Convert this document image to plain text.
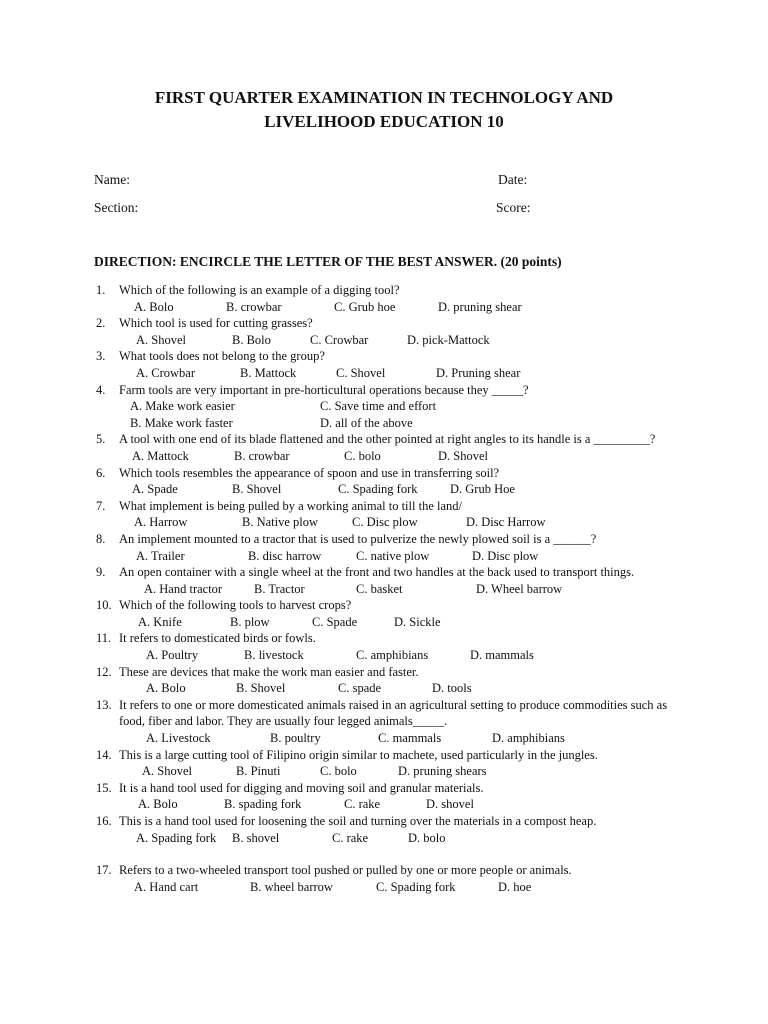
FIRST QUARTER EXAMINATION IN TECHNOLOGY AND
LIVELIHOOD EDUCATION 10
Name:	Date:
Section:	Score:
DIRECTION: ENCIRCLE THE LETTER OF THE BEST ANSWER. (20 points)
1.	Which of the following is an example of a digging tool?
A. Bolo	B. crowbar	C. Grub hoe	D. pruning shear
2.	Which tool is used for cutting grasses?
A. Shovel	B. Bolo	C. Crowbar	D. pick-Mattock
3.	What tools does not belong to the group?
A. Crowbar	B. Mattock	C. Shovel	D. Pruning shear
4.	Farm tools are very important in pre-horticultural operations because they _____?
A. Make work easier	C. Save time and effort
B. Make work faster	D. all of the above
5.	A tool with one end of its blade flattened and the other pointed at right angles to its handle is a _________?
A. Mattock	B. crowbar	C. bolo	D. Shovel
6.	Which tools resembles the appearance of spoon and use in transferring soil?
A. Spade	B. Shovel	C. Spading fork	D. Grub Hoe
7.	What implement is being pulled by a working animal to till the land/
A. Harrow	B. Native plow	C. Disc plow	D. Disc Harrow
8.	An implement mounted to a tractor that is used to pulverize the newly plowed soil is a ______?
A. Trailer	B. disc harrow	C. native plow	D. Disc plow
9.	An open container with a single wheel at the front and two handles at the back used to transport things.
A. Hand tractor	B. Tractor	C. basket	D. Wheel barrow
10. Which of the following tools to harvest crops?
A. Knife	B. plow	C. Spade	D. Sickle
11. It refers to domesticated birds or fowls.
A. Poultry	B. livestock	C. amphibians	D. mammals
12. These are devices that make the work man easier and faster.
A. Bolo	B. Shovel	C. spade	D. tools
13. It refers to one or more domesticated animals raised in an agricultural setting to produce commodities such as food, fiber and labor. They are usually four legged animals_____.
A. Livestock	B. poultry	C. mammals	D. amphibians
14. This is a large cutting tool of Filipino origin similar to machete, used particularly in the jungles.
A. Shovel	B. Pinuti	C. bolo	D. pruning shears
15. It is a hand tool used for digging and moving soil and granular materials.
A. Bolo	B. spading fork	C. rake	D. shovel
16. This is a hand tool used for loosening the soil and turning over the materials in a compost heap.
A. Spading fork B. shovel	C. rake	D. bolo
17. Refers to a two-wheeled transport tool pushed or pulled by one or more people or animals.
A. Hand cart	B. wheel barrow	C. Spading fork	D. hoe
